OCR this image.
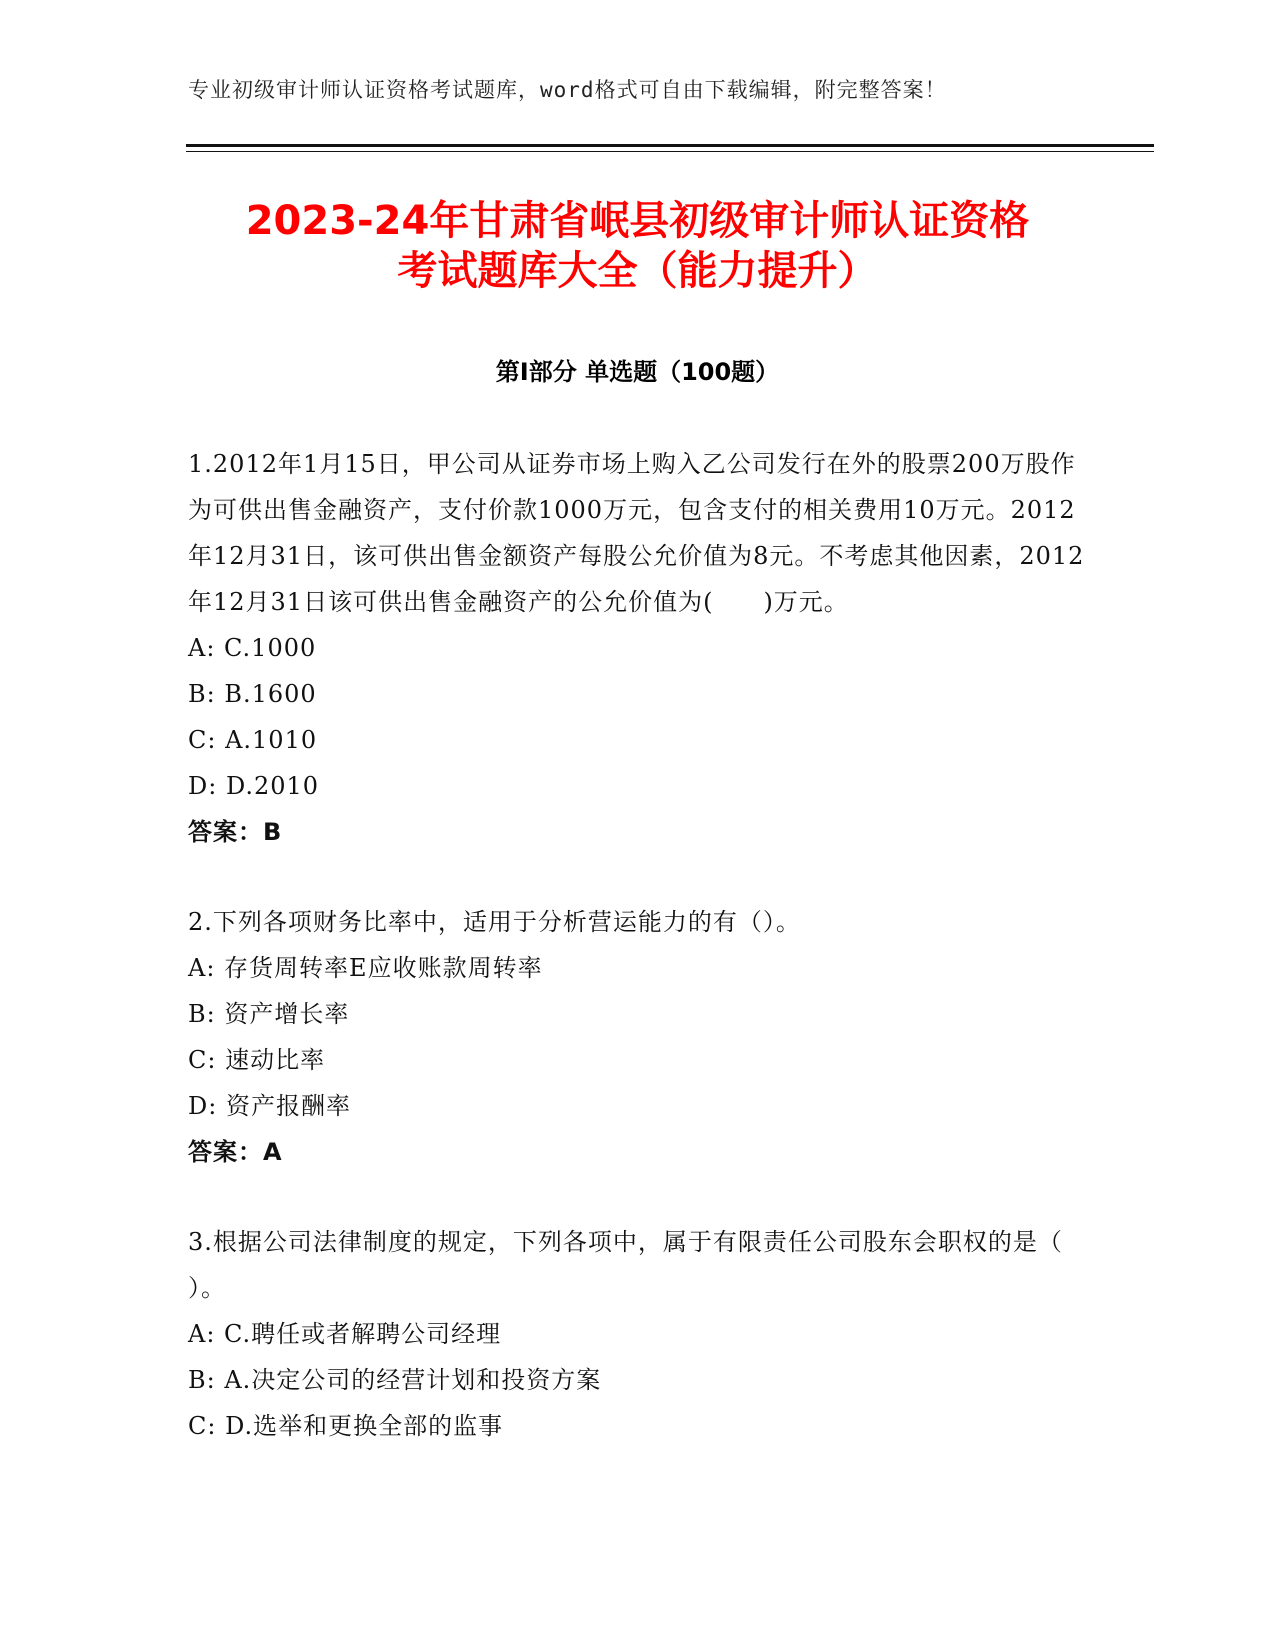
专业初级审计师认证资格考试题库，word格式可自由下载编辑，附完整答案！
2023-24年甘肃省岷县初级审计师认证资格
考试题库大全（能力提升）
第Ⅰ部分 单选题（100题）

1.2012年1月15日，甲公司从证券市场上购入乙公司发行在外的股票200万股作为可供出售金融资产，支付价款1000万元，包含支付的相关费用10万元。2012年12月31日，该可供出售金额资产每股公允价值为8元。不考虑其他因素，2012年12月31日该可供出售金融资产的公允价值为(　　)万元。

A: C.1000

B: B.1600

C: A.1010

D: D.2010

答案：B

2.下列各项财务比率中，适用于分析营运能力的有（）。

A: 存货周转率E应收账款周转率

B: 资产增长率

C: 速动比率

D: 资产报酬率

答案：A

3.根据公司法律制度的规定，下列各项中，属于有限责任公司股东会职权的是（ ）。

A: C.聘任或者解聘公司经理

B: A.决定公司的经营计划和投资方案

C: D.选举和更换全部的监事
